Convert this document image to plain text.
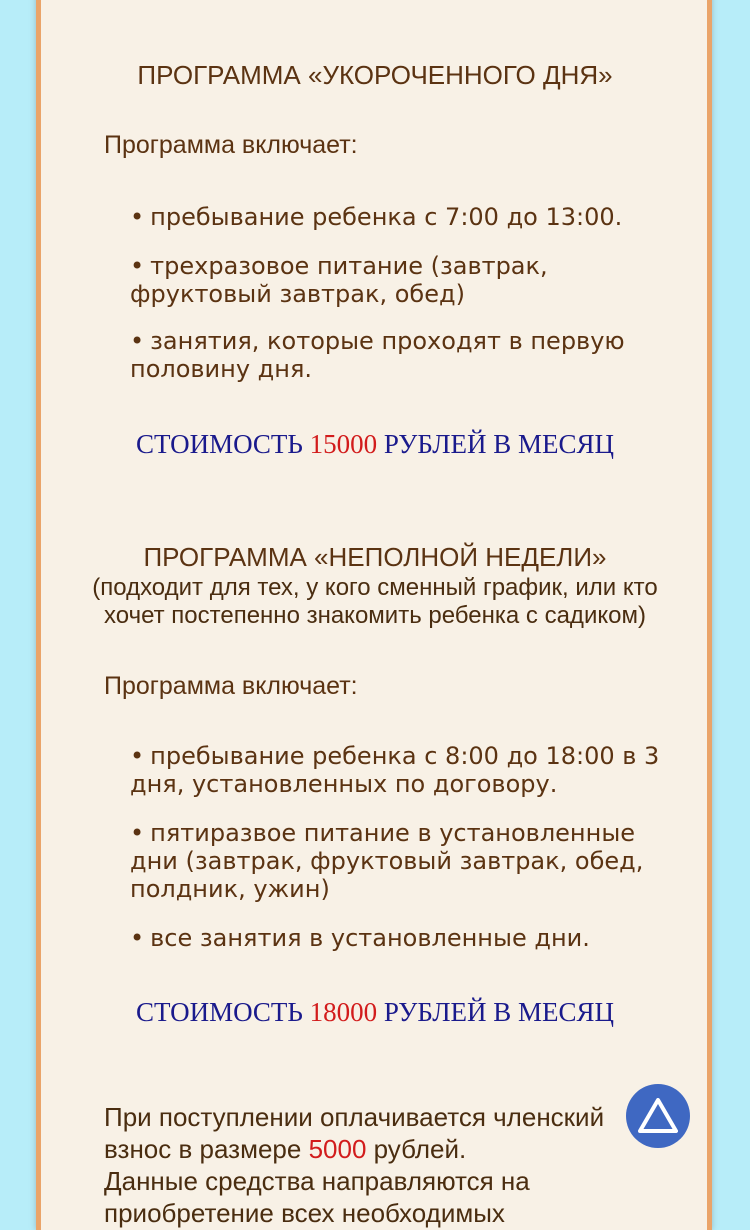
ПРОГРАММА «УКОРОЧЕННОГО ДНЯ»
Программа включает:
• пребывание ребенка с 7:00 до 13:00.
• трехразовое питание (завтрак, фруктовый завтрак, обед)
• занятия, которые проходят в первую половину дня.
СТОИМОСТЬ 15000 РУБЛЕЙ В МЕСЯЦ
ПРОГРАММА «НЕПОЛНОЙ НЕДЕЛИ»
(подходит для тех, у кого сменный график, или кто
хочет постепенно знакомить ребенка с садиком)
Программа включает:
• пребывание ребенка с 8:00 до 18:00 в 3 дня, установленных по договору.
• пятиразвое питание в установленные дни (завтрак, фруктовый завтрак, обед, полдник, ужин)
• все занятия в установленные дни.
СТОИМОСТЬ 18000 РУБЛЕЙ В МЕСЯЦ
При поступлении оплачивается членский
взнос в размере 5000 рублей.
Данные средства направляются на
приобретение всех необходимых
